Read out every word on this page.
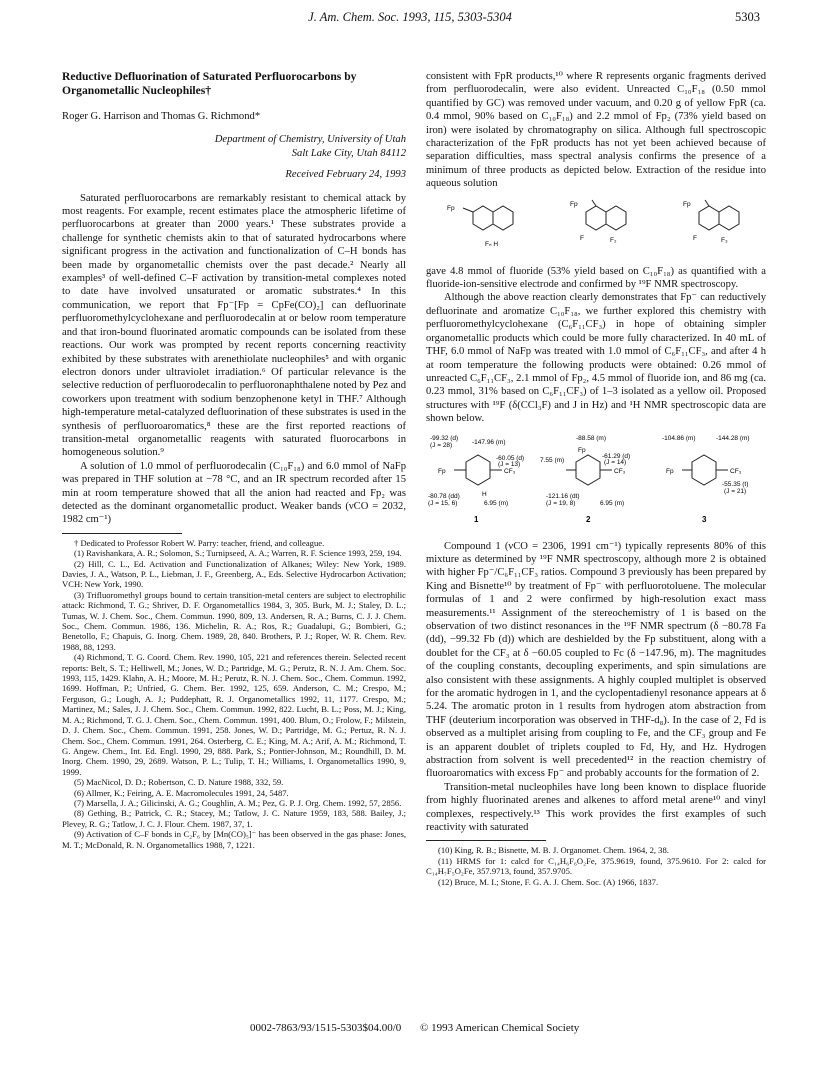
J. Am. Chem. Soc. 1993, 115, 5303-5304	5303

Reductive Defluorination of Saturated Perfluorocarbons by Organometallic Nucleophiles†

Roger G. Harrison and Thomas G. Richmond*

Department of Chemistry, University of Utah
Salt Lake City, Utah 84112

Received February 24, 1993

Saturated perfluorocarbons are remarkably resistant to chemical attack by most reagents. For example, recent estimates place the atmospheric lifetime of perfluorocarbons at greater than 2000 years.¹ These substrates provide a challenge for synthetic chemists akin to that of saturated hydrocarbons where significant progress in the activation and functionalization of C–H bonds has been made by organometallic chemists over the past decade.² Nearly all examples³ of well-defined C–F activation by transition-metal complexes noted to date have involved unsaturated or aromatic substrates.⁴ In this communication, we report that Fp⁻[Fp = CpFe(CO)₂] can defluorinate perfluoromethylcyclohexane and perfluorodecalin at or below room temperature and that iron-bound fluorinated aromatic compounds can be isolated from these reactions. Our work was prompted by recent reports concerning reactivity exhibited by these substrates with arenethiolate nucleophiles⁵ and with organic electron donors under ultraviolet irradiation.⁶ Of particular relevance is the selective reduction of perfluorodecalin to perfluoronaphthalene noted by Pez and coworkers upon treatment with sodium benzophenone ketyl in THF.⁷ Although high-temperature metal-catalyzed defluorination of these substrates is used in the synthesis of perfluoroaromatics,⁸ these are the first reported reactions of transition-metal organometallic reagents with saturated fluorocarbons in homogeneous solution.⁹

A solution of 1.0 mmol of perfluorodecalin (C₁₀F₁₈) and 6.0 mmol of NaFp was prepared in THF solution at −78 °C, and an IR spectrum recorded after 15 min at room temperature showed that all the anion had reacted and Fp₂ was detected as the dominant organometallic product. Weaker bands (νCO = 2032, 1982 cm⁻¹)

† Dedicated to Professor Robert W. Parry: teacher, friend, and colleague.

(1) Ravishankara, A. R.; Solomon, S.; Turnipseed, A. A.; Warren, R. F. Science 1993, 259, 194.

(2) Hill, C. L., Ed. Activation and Functionalization of Alkanes; Wiley: New York, 1989. Davies, J. A., Watson, P. L., Liebman, J. F., Greenberg, A., Eds. Selective Hydrocarbon Activation; VCH: New York, 1990.

(3) Trifluoromethyl groups bound to certain transition-metal centers are subject to electrophilic attack: Richmond, T. G.; Shriver, D. F. Organometallics 1984, 3, 305. Burk, M. J.; Staley, D. L.; Tumas, W. J. Chem. Soc., Chem. Commun. 1990, 809, 13. Andersen, R. A.; Burns, C. J. J. Chem. Soc., Chem. Commun. 1986, 136. Michelin, R. A.; Ros, R.; Guadalupi, G.; Bombieri, G.; Benetollo, F.; Chapuis, G. Inorg. Chem. 1989, 28, 840. Brothers, P. J.; Roper, W. R. Chem. Rev. 1988, 88, 1293.

(4) Richmond, T. G. Coord. Chem. Rev. 1990, 105, 221 and references therein. Selected recent reports: Belt, S. T.; Helliwell, M.; Jones, W. D.; Partridge, M. G.; Perutz, R. N. J. Am. Chem. Soc. 1993, 115, 1429. Klahn, A. H.; Moore, M. H.; Perutz, R. N. J. Chem. Soc., Chem. Commun. 1992, 1699. Hoffman, P.; Unfried, G. Chem. Ber. 1992, 125, 659. Anderson, C. M.; Crespo, M.; Ferguson, G.; Lough, A. J.; Puddephatt, R. J. Organometallics 1992, 11, 1177. Crespo, M.; Martinez, M.; Sales, J. J. Chem. Soc., Chem. Commun. 1992, 822. Lucht, B. L.; Poss, M. J.; King, M. A.; Richmond, T. G. J. Chem. Soc., Chem. Commun. 1991, 400. Blum, O.; Frolow, F.; Milstein, D. J. Chem. Soc., Chem. Commun. 1991, 258. Jones, W. D.; Partridge, M. G.; Pertuz, R. N. J. Chem. Soc., Chem. Commun. 1991, 264. Osterberg, C. E.; King, M. A.; Arif, A. M.; Richmond, T. G. Angew. Chem., Int. Ed. Engl. 1990, 29, 888. Park, S.; Pontier-Johnson, M.; Roundhill, D. M. Inorg. Chem. 1990, 29, 2689. Watson, P. L.; Tulip, T. H.; Williams, I. Organometallics 1990, 9, 1999.

(5) MacNicol, D. D.; Robertson, C. D. Nature 1988, 332, 59.

(6) Allmer, K.; Feiring, A. E. Macromolecules 1991, 24, 5487.

(7) Marsella, J. A.; Gilicinski, A. G.; Coughlin, A. M.; Pez, G. P. J. Org. Chem. 1992, 57, 2856.

(8) Gething, B.; Patrick, C. R.; Stacey, M.; Tatlow, J. C. Nature 1959, 183, 588. Bailey, J.; Plevey, R. G.; Tatlow, J. C. J. Flour. Chem. 1987, 37, 1.

(9) Activation of C–F bonds in C₂F₆ by [Mn(CO)₅]⁻ has been observed in the gas phase: Jones, M. T.; McDonald, R. N. Organometallics 1988, 7, 1221.

consistent with FpR products,¹⁰ where R represents organic fragments derived from perfluorodecalin, were also evident. Unreacted C₁₀F₁₈ (0.50 mmol quantified by GC) was removed under vacuum, and 0.20 g of yellow FpR (ca. 0.4 mmol, 90% based on C₁₀F₁₈) and 2.2 mmol of Fp₂ (73% yield based on iron) were isolated by chromatography on silica. Although full spectroscopic characterization of the FpR products has not yet been achieved because of separation difficulties, mass spectral analysis confirms the presence of a minimum of three products as depicted below. Extraction of the residue into aqueous solution

Fp
Fₙ H
Fp
F	F₂
Fp
F	F₃

gave 4.8 mmol of fluoride (53% yield based on C₁₀F₁₈) as quantified with a fluoride-ion-sensitive electrode and confirmed by ¹⁹F NMR spectroscopy.

Although the above reaction clearly demonstrates that Fp⁻ can reductively defluorinate and aromatize C₁₀F₁₈, we further explored this chemistry with perfluoromethylcyclohexane (C₆F₁₁CF₃) in hope of obtaining simpler organometallic products which could be more fully characterized. In 40 mL of THF, 6.0 mmol of NaFp was treated with 1.0 mmol of C₆F₁₁CF₃, and after 4 h at room temperature the following products were obtained: 0.26 mmol of unreacted C₆F₁₁CF₃, 2.1 mmol of Fp₂, 4.5 mmol of fluoride ion, and 86 mg (ca. 0.23 mmol, 31% based on C₆F₁₁CF₃) of 1–3 isolated as a yellow oil. Proposed structures with ¹⁹F (δ(CCl₃F) and J in Hz) and ¹H NMR spectroscopic data are shown below.

-99.32 (d)
(J = 28)	-147.96 (m)
-60.05 (d)
(J = 13)
Fp	CF₃
-80.78 (dd)
(J = 15, 6)
H
6.95 (m)
1
-88.58 (m)
-61.29 (d)
(J = 14)
7.55 (m)
Fp
CF₃
-121.16 (dt)
(J = 19, 8)	6.95 (m)
2
-104.86 (m)	-144.28 (m)
Fp	CF₃
-55.35 (t)
(J = 21)
3

Compound 1 (νCO = 2306, 1991 cm⁻¹) typically represents 80% of this mixture as determined by ¹⁹F NMR spectroscopy, although more 2 is obtained with higher Fp⁻/C₆F₁₁CF₃ ratios. Compound 3 previously has been prepared by King and Bisnette¹⁰ by treatment of Fp⁻ with perfluorotoluene. The molecular formulas of 1 and 2 were confirmed by high-resolution exact mass measurements.¹¹ Assignment of the stereochemistry of 1 is based on the observation of two distinct resonances in the ¹⁹F NMR spectrum (δ −80.78 Fa (dd), −99.32 Fb (d)) which are deshielded by the Fp substituent, along with a doublet for the CF₃ at δ −60.05 coupled to Fc (δ −147.96, m). The magnitudes of the coupling constants, decoupling experiments, and spin simulations are also consistent with these assignments. A highly coupled multiplet is observed for the aromatic hydrogen in 1, and the cyclopentadienyl resonance appears at δ 5.24. The aromatic proton in 1 results from hydrogen atom abstraction from THF (deuterium incorporation was observed in THF-d₈). In the case of 2, Fd is observed as a multiplet arising from coupling to Fe, and the CF₃ group and Fe is an apparent doublet of triplets coupled to Fd, Hy, and Hz. Hydrogen abstraction from solvent is well precedented¹² in the reaction chemistry of fluoroaromatics with excess Fp⁻ and probably accounts for the formation of 2.

Transition-metal nucleophiles have long been known to displace fluoride from highly fluorinated arenes and alkenes to afford metal arene¹⁰ and vinyl complexes, respectively.¹³ This work provides the first examples of such reactivity with saturated

(10) King, R. B.; Bisnette, M. B. J. Organomet. Chem. 1964, 2, 38.

(11) HRMS for 1: calcd for C₁₄H₆F₆O₂Fe, 375.9619, found, 375.9610. For 2: calcd for C₁₄H₇F₅O₂Fe, 357.9713, found, 357.9705.

(12) Bruce, M. I.; Stone, F. G. A. J. Chem. Soc. (A) 1966, 1837.

0002-7863/93/1515-5303$04.00/0 © 1993 American Chemical Society
